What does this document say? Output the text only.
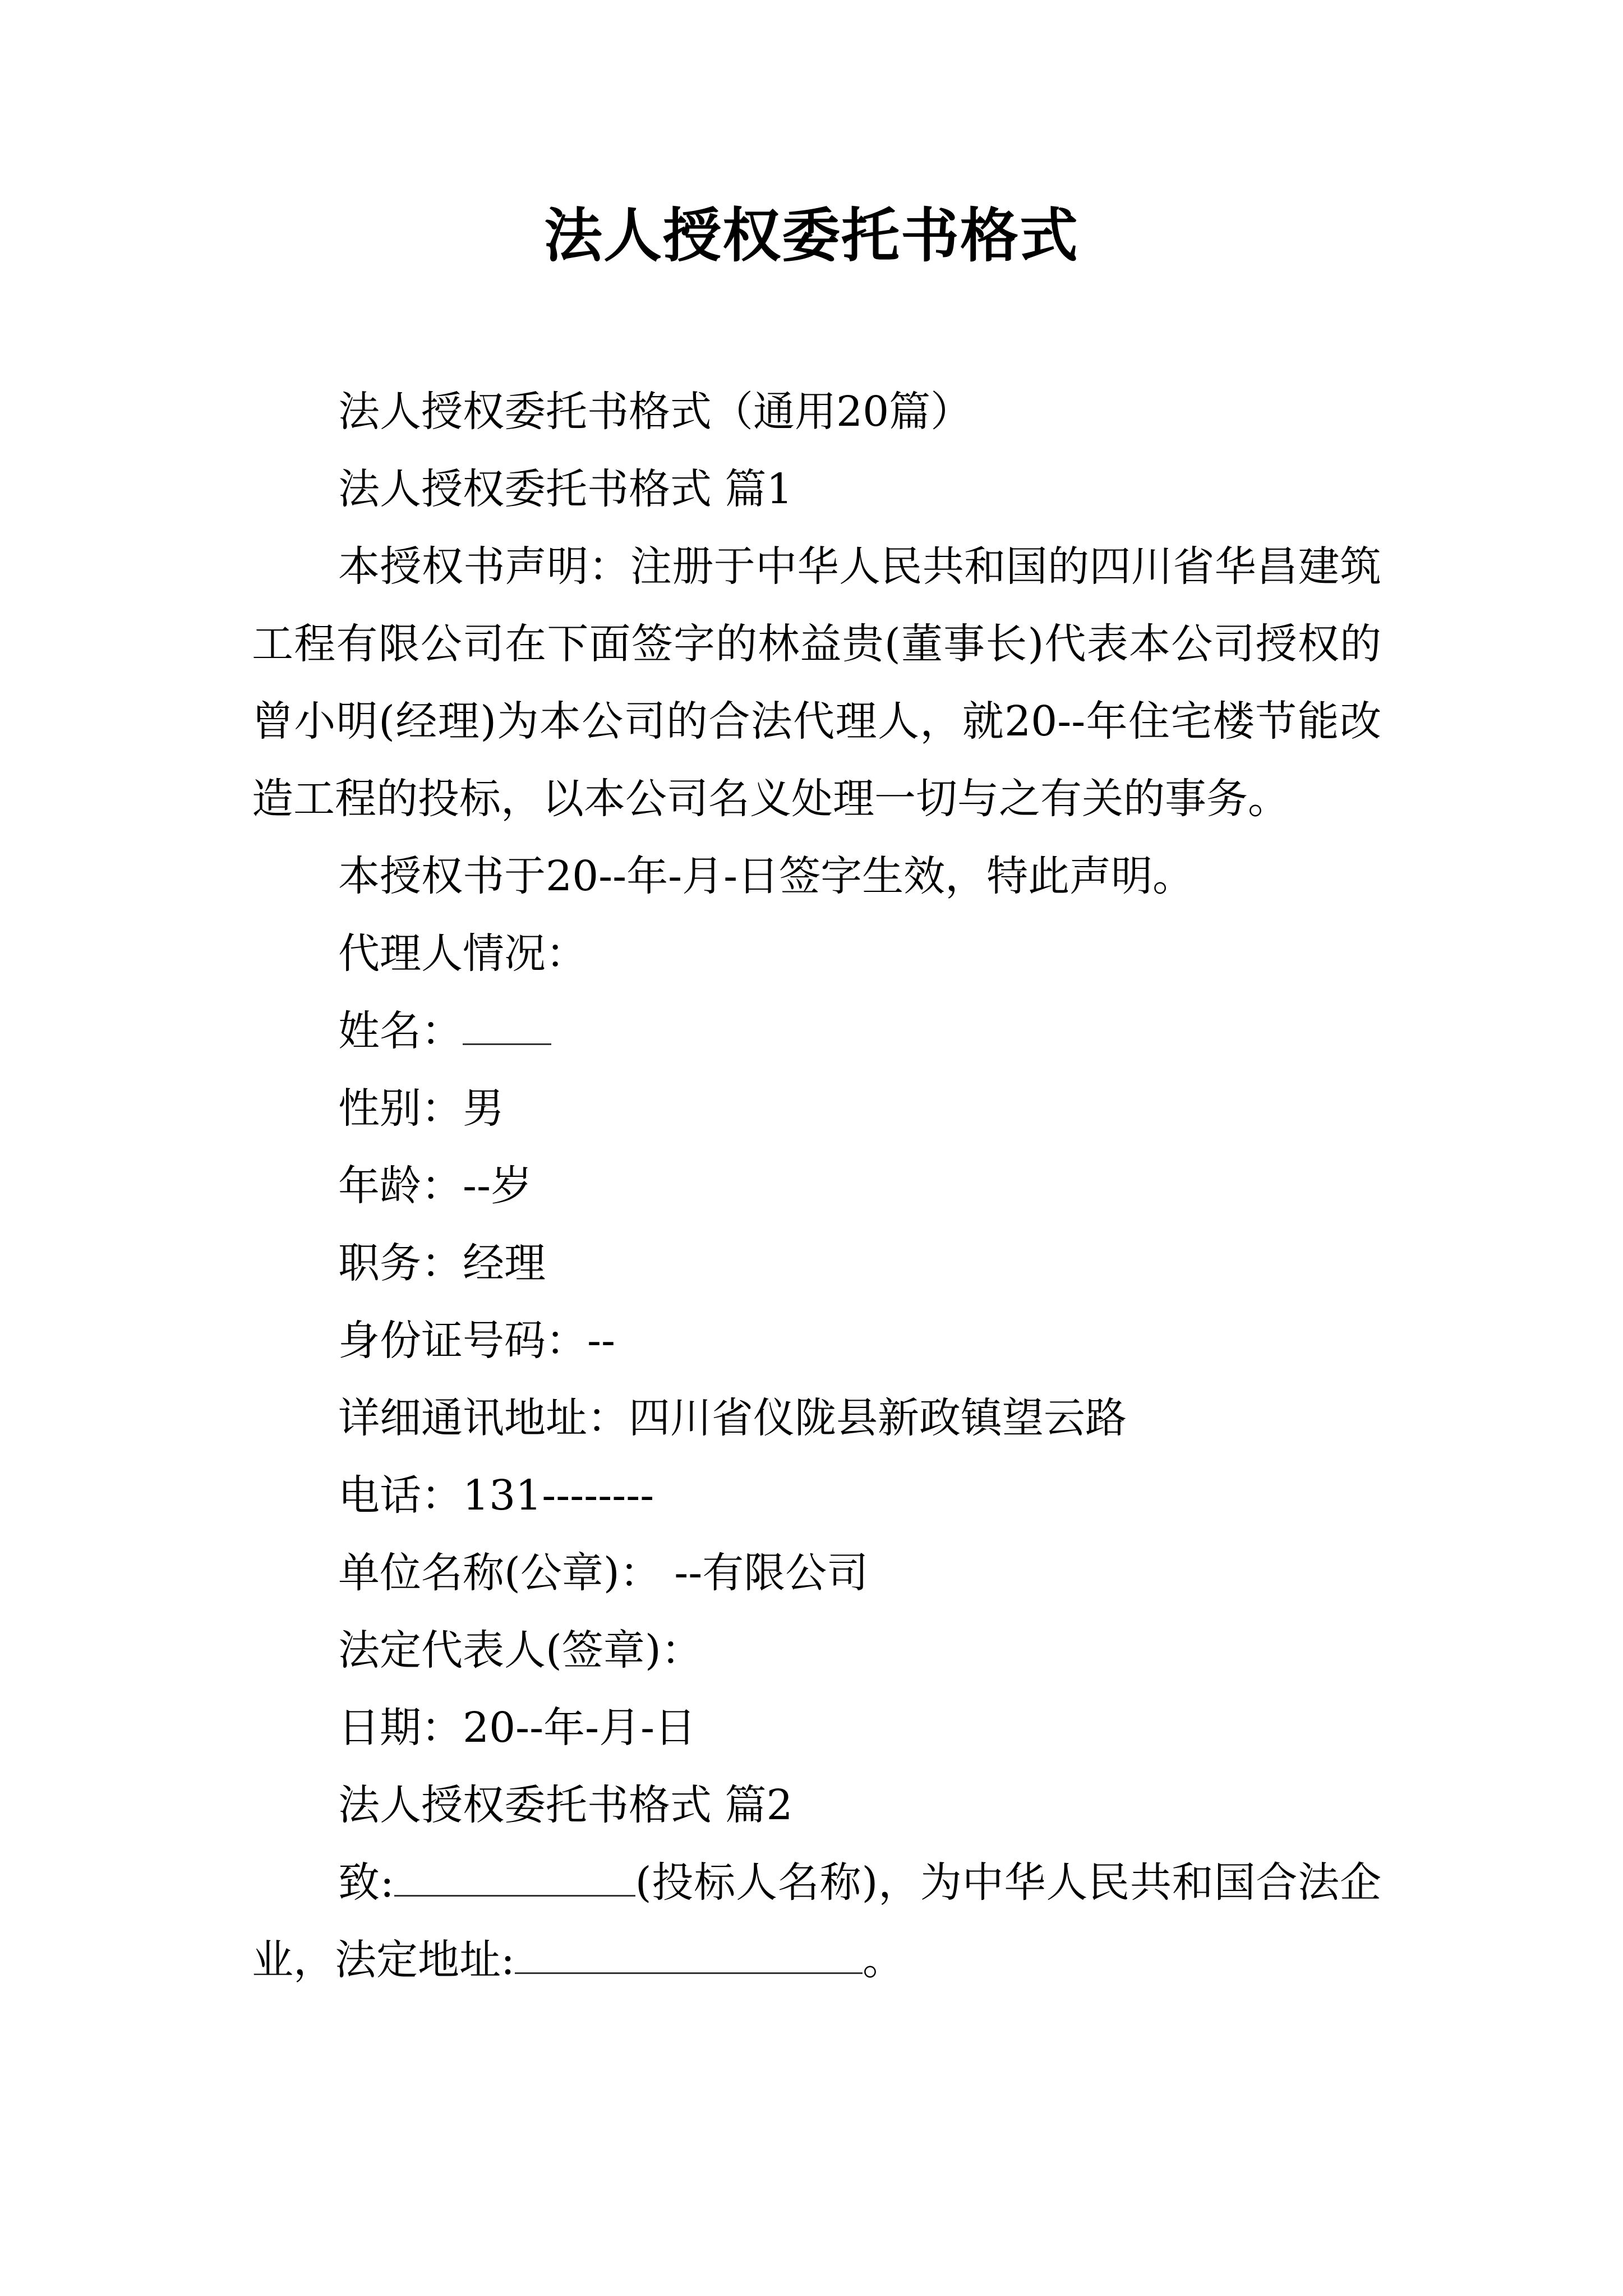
法人授权委托书格式

法人授权委托书格式（通用20篇）

法人授权委托书格式 篇1

本授权书声明：注册于中华人民共和国的四川省华昌建筑工程有限公司在下面签字的林益贵(董事长)代表本公司授权的曾小明(经理)为本公司的合法代理人，就20--年住宅楼节能改造工程的投标，以本公司名义处理一切与之有关的事务。

本授权书于20--年-月-日签字生效，特此声明。

代理人情况：

姓名：

性别：男

年龄：--岁

职务：经理

身份证号码：--

详细通讯地址：四川省仪陇县新政镇望云路

电话：131--------

单位名称(公章)： --有限公司

法定代表人(签章)：

日期：20--年-月-日

法人授权委托书格式 篇2

致:	(投标人名称)，为中华人民共和国合法企业，法定地址:	。
